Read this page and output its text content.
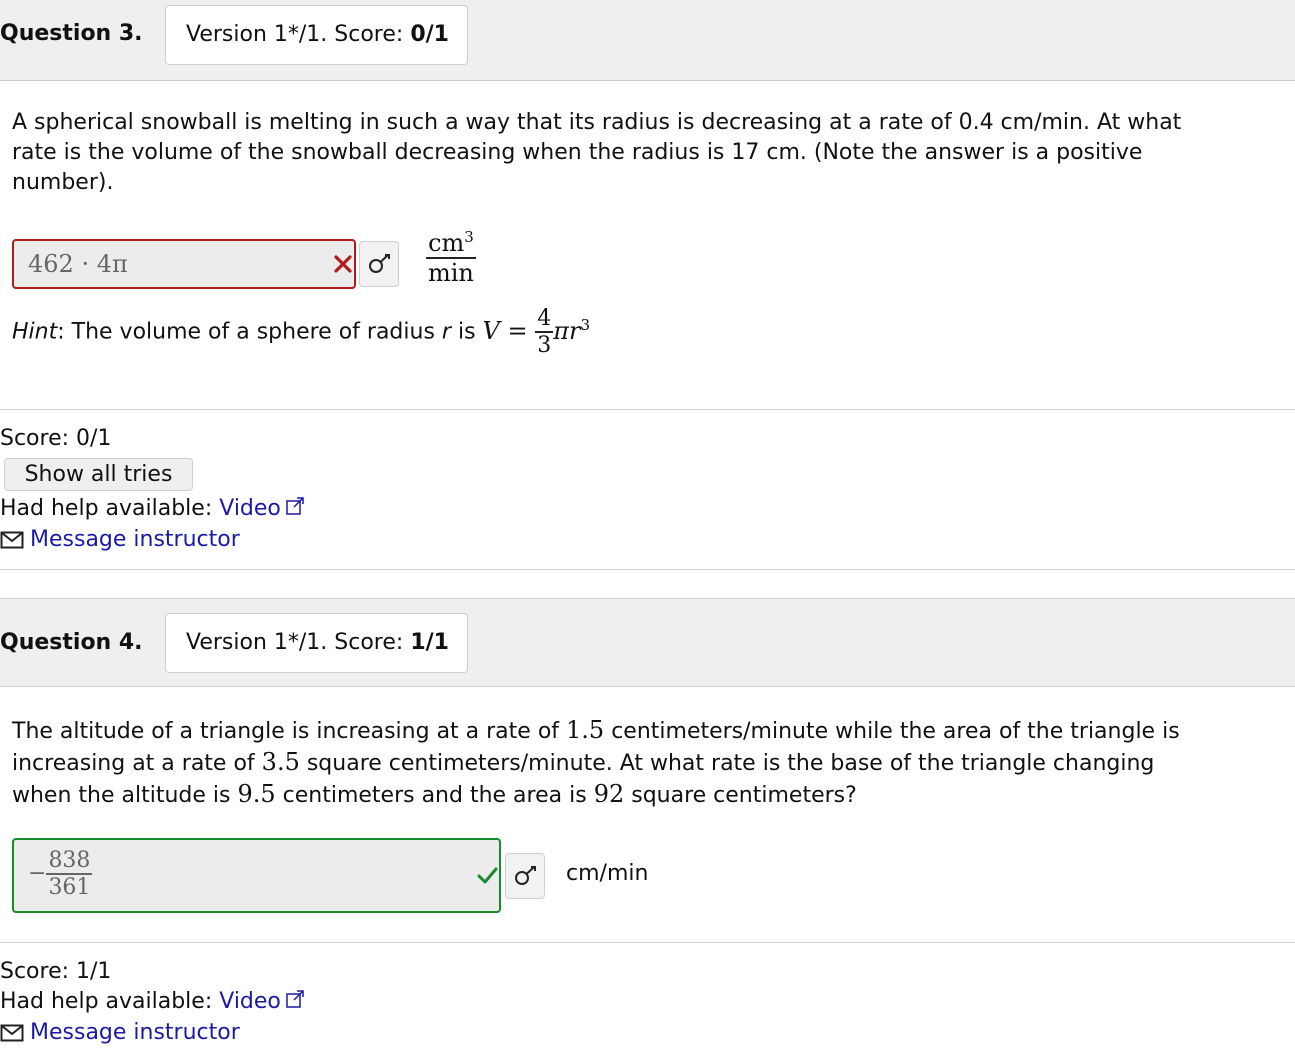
Question 3.	Version 1*/1. Score: 0/1
A spherical snowball is melting in such a way that its radius is decreasing at a rate of 0.4 cm/min. At what rate is the volume of the snowball decreasing when the radius is 17 cm. (Note the answer is a positive number).
462 · 4π	$\frac{cm^3}{\min}$
Hint: The volume of a sphere of radius r is $V = \frac{4}{3} \pi r^3$
Score: 0/1
Show all tries
Had help available: Video
Message instructor
Question 4.	Version 1*/1. Score: 1/1
The altitude of a triangle is increasing at a rate of 1.5 centimeters/minute while the area of the triangle is increasing at a rate of 3.5 square centimeters/minute. At what rate is the base of the triangle changing when the altitude is 9.5 centimeters and the area is 92 square centimeters?
− $\frac{838}{361}$	cm/min
Score: 1/1
Had help available: Video
Message instructor
